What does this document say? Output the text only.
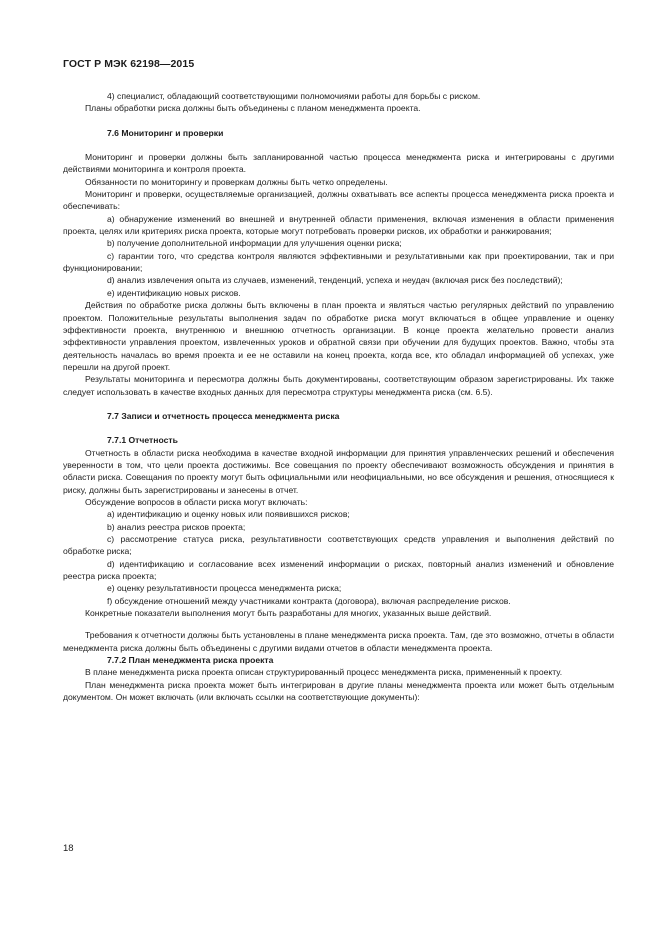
ГОСТ Р МЭК 62198—2015

4) специалист, обладающий соответствующими полномочиями работы для борьбы с риском.

Планы обработки риска должны быть объединены с планом менеджмента проекта.

7.6 Мониторинг и проверки

Мониторинг и проверки должны быть запланированной частью процесса менеджмента риска и интегрированы с другими действиями мониторинга и контроля проекта.

Обязанности по мониторингу и проверкам должны быть четко определены.

Мониторинг и проверки, осуществляемые организацией, должны охватывать все аспекты процесса менеджмента риска проекта и обеспечивать:

a) обнаружение изменений во внешней и внутренней области применения, включая изменения в области применения проекта, целях или критериях риска проекта, которые могут потребовать проверки рисков, их обработки и ранжирования;

b) получение дополнительной информации для улучшения оценки риска;

c) гарантии того, что средства контроля являются эффективными и результативными как при проектировании, так и при функционировании;

d) анализ извлечения опыта из случаев, изменений, тенденций, успеха и неудач (включая риск без последствий);

e) идентификацию новых рисков.

Действия по обработке риска должны быть включены в план проекта и являться частью регулярных действий по управлению проектом. Положительные результаты выполнения задач по обработке риска могут включаться в общее управление и оценку эффективности проекта, внутреннюю и внешнюю отчетность организации. В конце проекта желательно провести анализ эффективности управления проектом, извлеченных уроков и обратной связи при обучении для будущих проектов. Важно, чтобы эта деятельность началась во время проекта и ее не оставили на конец проекта, когда все, кто обладал информацией об успехах, уже перешли на другой проект.

Результаты мониторинга и пересмотра должны быть документированы, соответствующим образом зарегистрированы. Их также следует использовать в качестве входных данных для пересмотра структуры менеджмента риска (см. 6.5).

7.7 Записи и отчетность процесса менеджмента риска

7.7.1 Отчетность

Отчетность в области риска необходима в качестве входной информации для принятия управленческих решений и обеспечения уверенности в том, что цели проекта достижимы. Все совещания по проекту обеспечивают возможность обсуждения и принятия в области риска. Совещания по проекту могут быть официальными или неофициальными, но все обсуждения и решения, относящиеся к риску, должны быть зарегистрированы и занесены в отчет.

Обсуждение вопросов в области риска могут включать:

a) идентификацию и оценку новых или появившихся рисков;

b) анализ реестра рисков проекта;

c) рассмотрение статуса риска, результативности соответствующих средств управления и выполнения действий по обработке риска;

d) идентификацию и согласование всех изменений информации о рисках, повторный анализ изменений и обновление реестра риска проекта;

e) оценку результативности процесса менеджмента риска;

f) обсуждение отношений между участниками контракта (договора), включая распределение рисков.

Конкретные показатели выполнения могут быть разработаны для многих, указанных выше действий.

Требования к отчетности должны быть установлены в плане менеджмента риска проекта. Там, где это возможно, отчеты в области менеджмента риска должны быть объединены с другими видами отчетов в области менеджмента проекта.

7.7.2 План менеджмента риска проекта

В плане менеджмента риска проекта описан структурированный процесс менеджмента риска, примененный к проекту.

План менеджмента риска проекта может быть интегрирован в другие планы менеджмента проекта или может быть отдельным документом. Он может включать (или включать ссылки на соответствующие документы):

18
